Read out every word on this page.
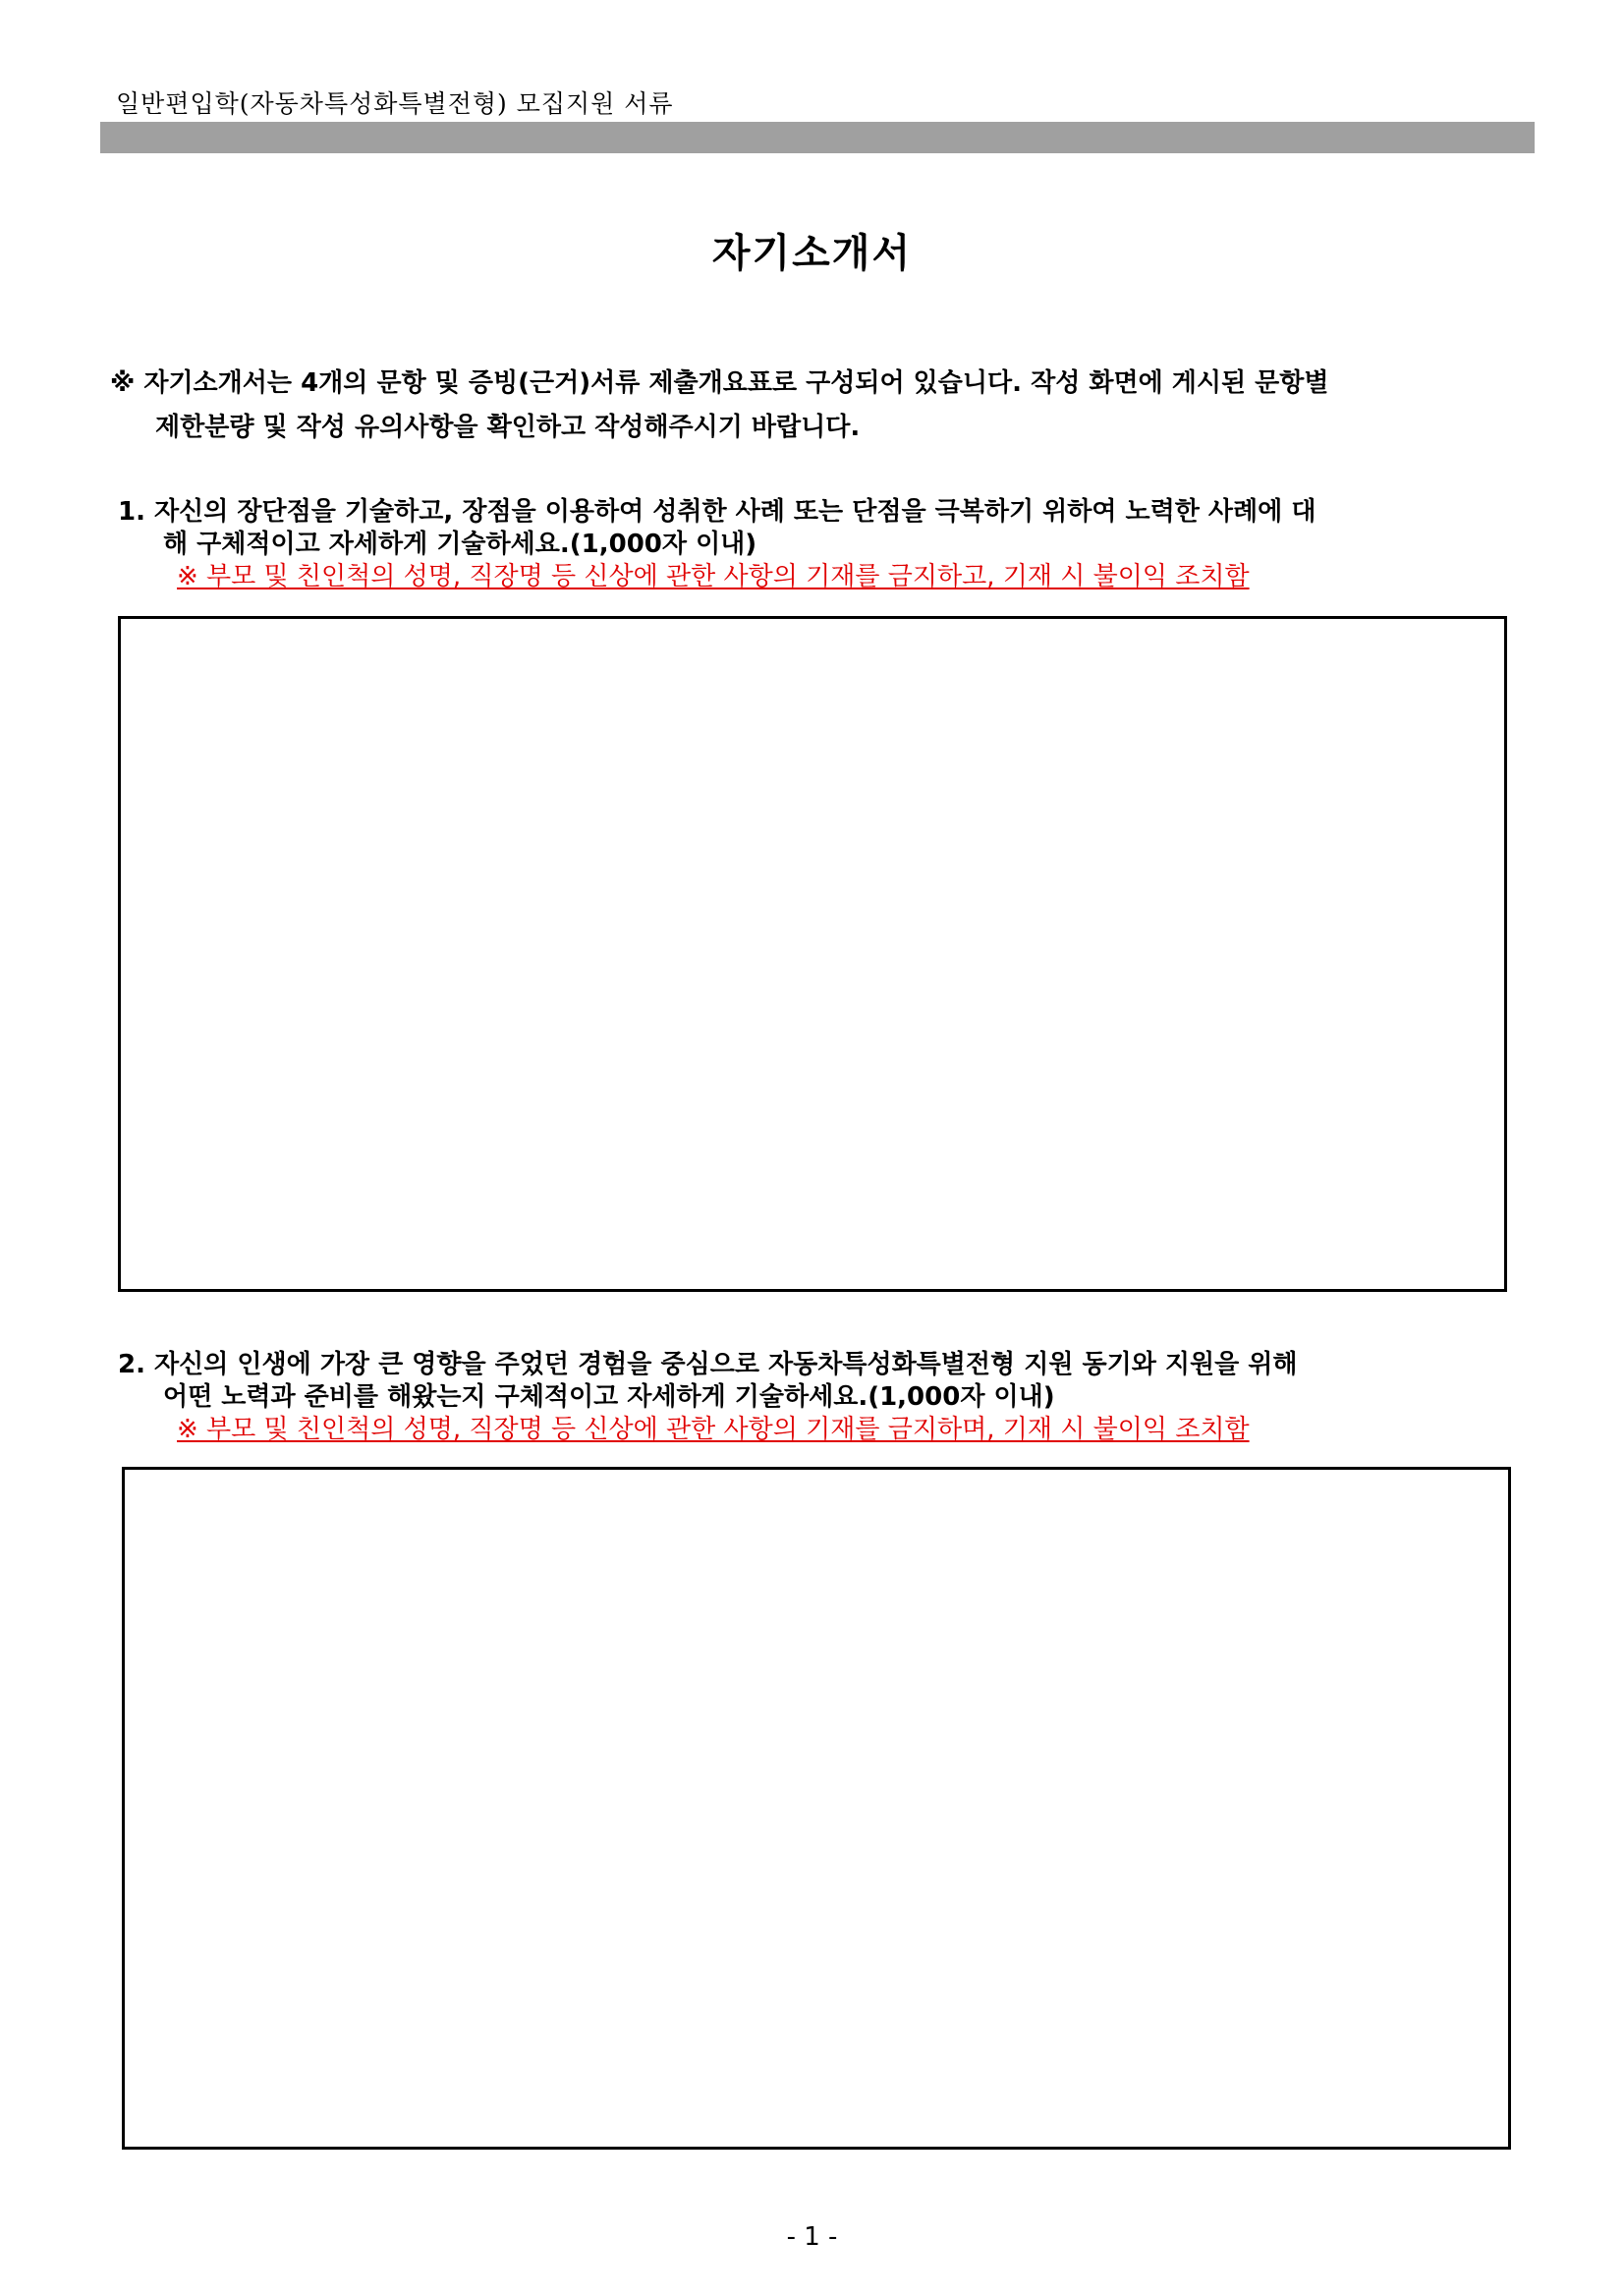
일반편입학(자동차특성화특별전형) 모집지원 서류
자기소개서
※ 자기소개서는 4개의 문항 및 증빙(근거)서류 제출개요표로 구성되어 있습니다. 작성 화면에 게시된 문항별
제한분량 및 작성 유의사항을 확인하고 작성해주시기 바랍니다.
1. 자신의 장단점을 기술하고, 장점을 이용하여 성취한 사례 또는 단점을 극복하기 위하여 노력한 사례에 대
해 구체적이고 자세하게 기술하세요.(1,000자 이내)
※ 부모 및 친인척의 성명, 직장명 등 신상에 관한 사항의 기재를 금지하고, 기재 시 불이익 조치함
2. 자신의 인생에 가장 큰 영향을 주었던 경험을 중심으로 자동차특성화특별전형 지원 동기와 지원을 위해
어떤 노력과 준비를 해왔는지 구체적이고 자세하게 기술하세요.(1,000자 이내)
※ 부모 및 친인척의 성명, 직장명 등 신상에 관한 사항의 기재를 금지하며, 기재 시 불이익 조치함
- 1 -
